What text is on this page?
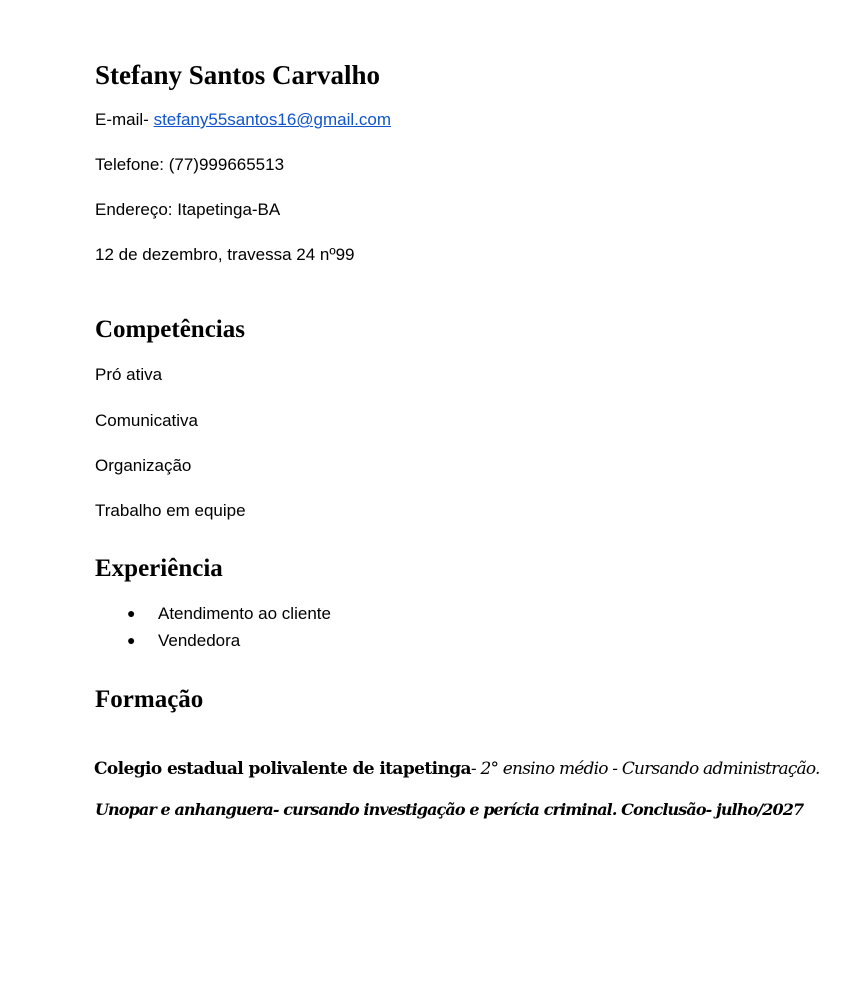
Stefany Santos Carvalho
E-mail- stefany55santos16@gmail.com
Telefone: (77)999665513
Endereço: Itapetinga-BA
12 de dezembro, travessa 24 nº99
Competências
Pró ativa
Comunicativa
Organização
Trabalho em equipe
Experiência
● Atendimento ao cliente
● Vendedora
Formação
Colegio estadual polivalente de itapetinga- 2° ensino médio - Cursando administração.
Unopar e anhanguera- cursando investigação e perícia criminal. Conclusão- julho/2027
